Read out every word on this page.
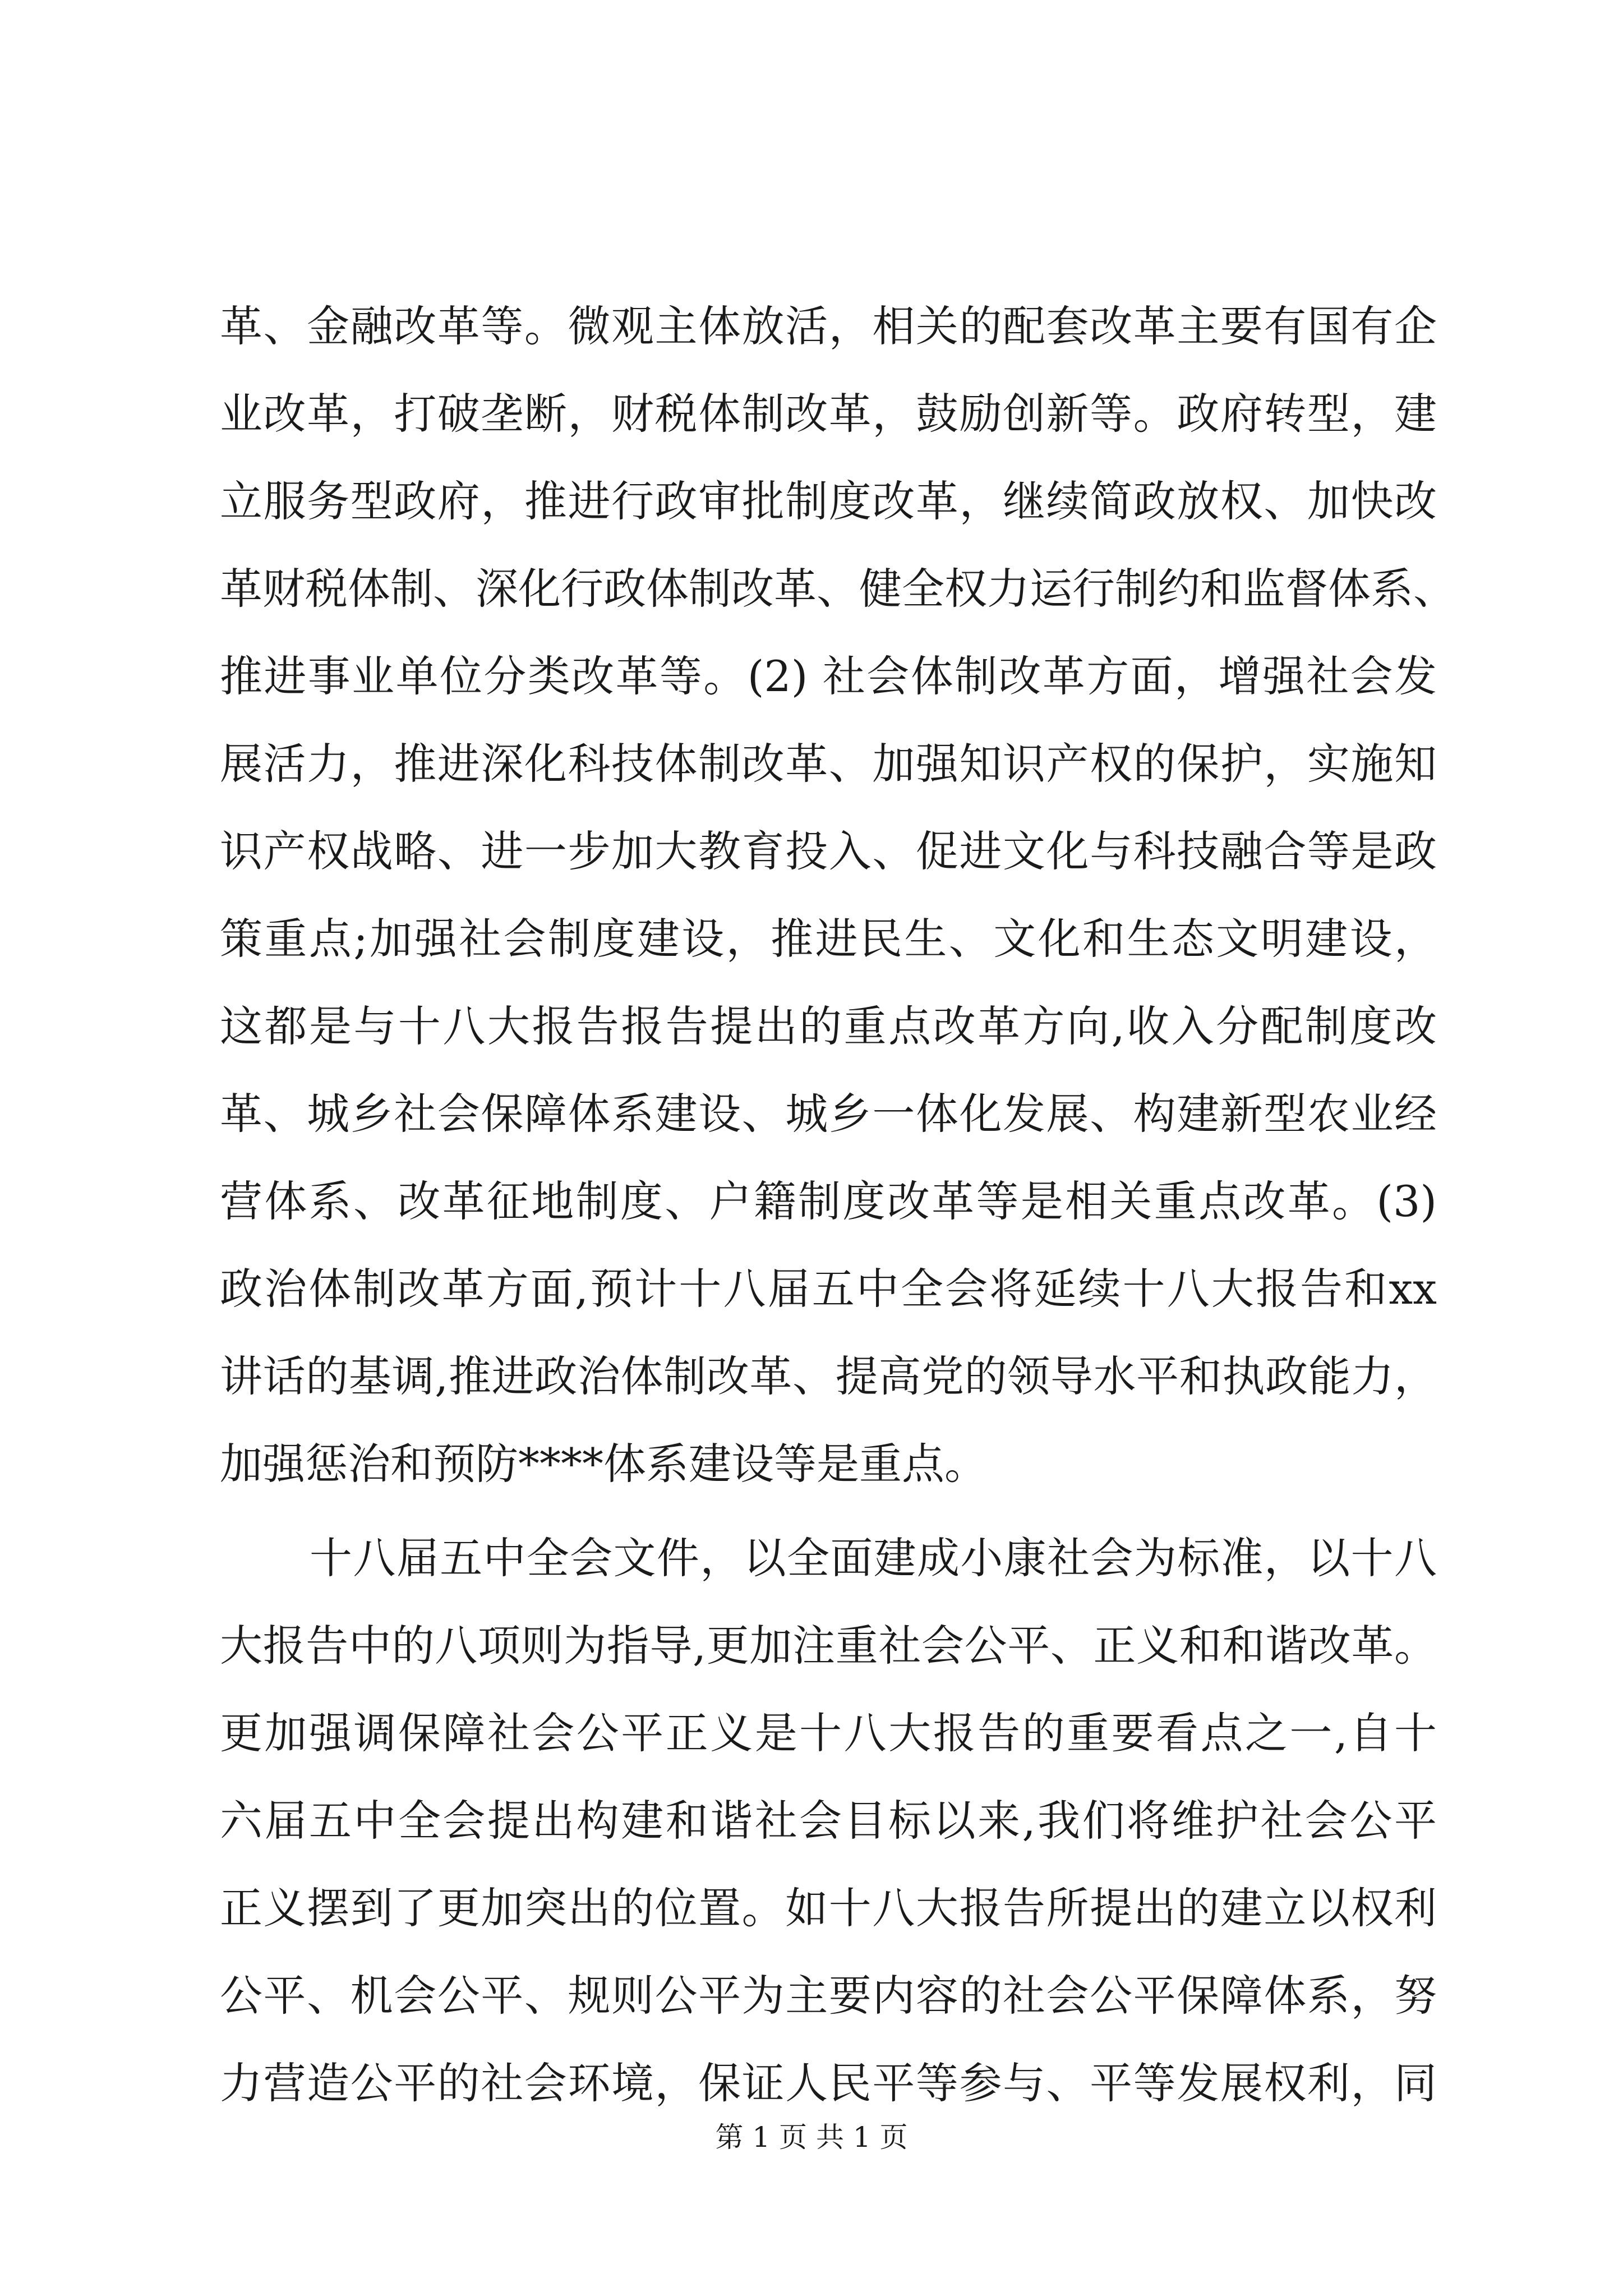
革、金融改革等。微观主体放活，相关的配套改革主要有国有企
业改革，打破垄断，财税体制改革，鼓励创新等。政府转型，建
立服务型政府，推进行政审批制度改革，继续简政放权、加快改
革财税体制、深化行政体制改革、健全权力运行制约和监督体系、
推进事业单位分类改革等。(2) 社会体制改革方面，增强社会发
展活力，推进深化科技体制改革、加强知识产权的保护，实施知
识产权战略、进一步加大教育投入、促进文化与科技融合等是政
策重点;加强社会制度建设，推进民生、文化和生态文明建设，
这都是与十八大报告报告提出的重点改革方向,收入分配制度改
革、城乡社会保障体系建设、城乡一体化发展、构建新型农业经
营体系、改革征地制度、户籍制度改革等是相关重点改革。(3)
政治体制改革方面,预计十八届五中全会将延续十八大报告和xx
讲话的基调,推进政治体制改革、提高党的领导水平和执政能力，
加强惩治和预防****体系建设等是重点。
十八届五中全会文件，以全面建成小康社会为标准，以十八
大报告中的八项则为指导,更加注重社会公平、正义和和谐改革。
更加强调保障社会公平正义是十八大报告的重要看点之一,自十
六届五中全会提出构建和谐社会目标以来,我们将维护社会公平
正义摆到了更加突出的位置。如十八大报告所提出的建立以权利
公平、机会公平、规则公平为主要内容的社会公平保障体系，努
力营造公平的社会环境，保证人民平等参与、平等发展权利，同
第 1 页 共 1 页
